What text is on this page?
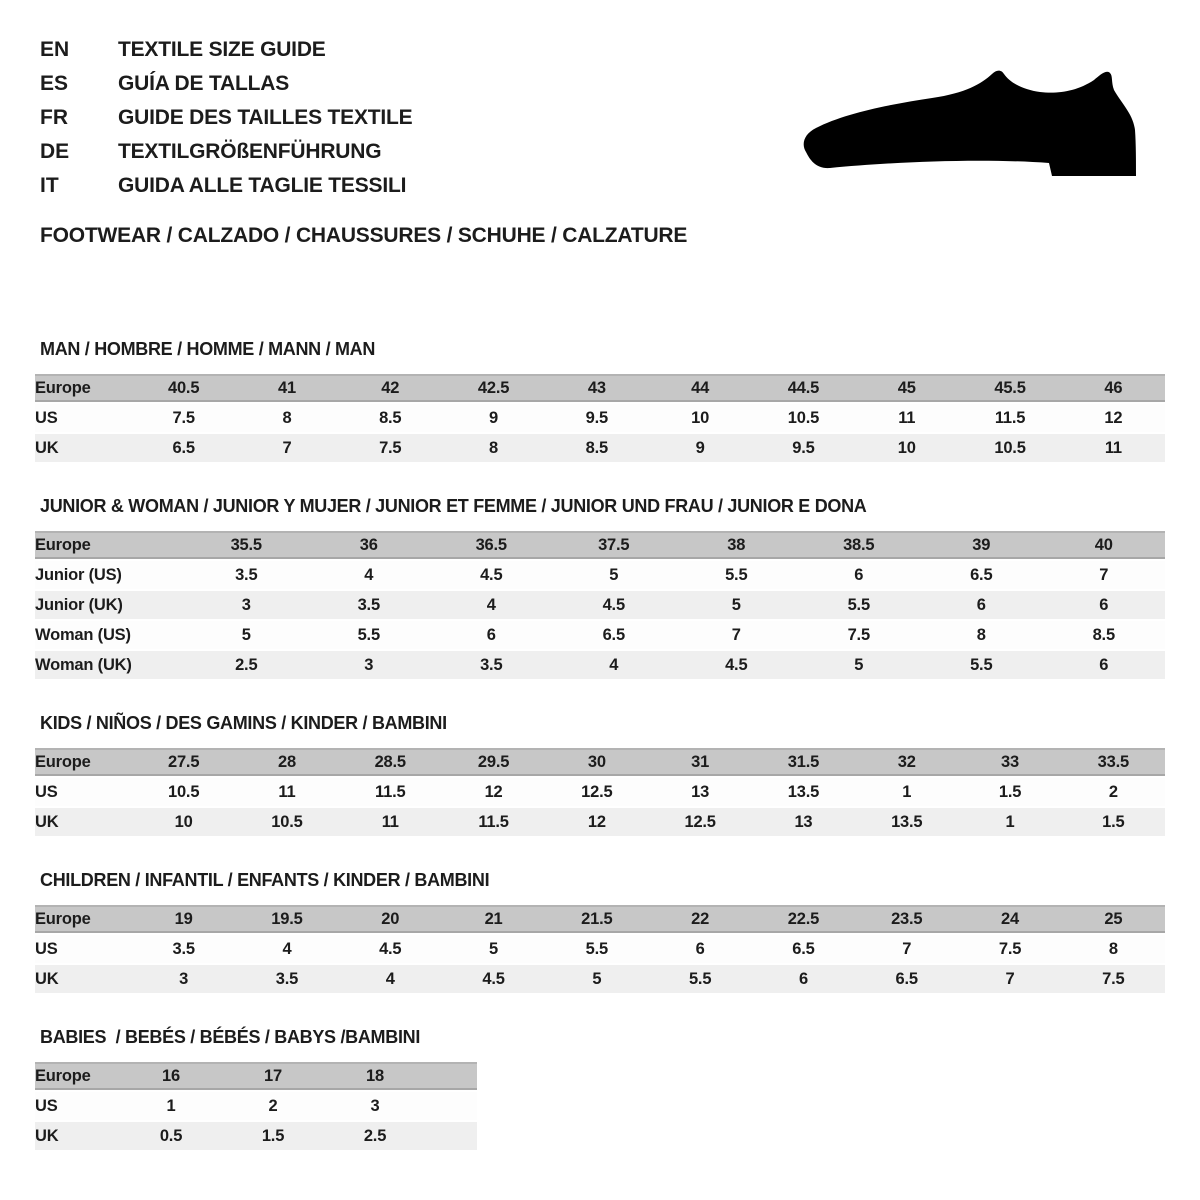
EN	TEXTILE SIZE GUIDE
ES	GUÍA DE TALLAS
FR	GUIDE DES TAILLES TEXTILE
DE	TEXTILGRÖßENFÜHRUNG
IT	GUIDA ALLE TAGLIE TESSILI
FOOTWEAR / CALZADO / CHAUSSURES / SCHUHE / CALZATURE
MAN / HOMBRE / HOMME / MANN / MAN
Europe	40.5	41	42	42.5	43	44	44.5	45	45.5	46
US	7.5	8	8.5	9	9.5	10	10.5	11	11.5	12
UK	6.5	7	7.5	8	8.5	9	9.5	10	10.5	11
JUNIOR & WOMAN / JUNIOR Y MUJER / JUNIOR ET FEMME / JUNIOR UND FRAU / JUNIOR E DONA
Europe	35.5	36	36.5	37.5	38	38.5	39	40
Junior (US)	3.5	4	4.5	5	5.5	6	6.5	7
Junior (UK)	3	3.5	4	4.5	5	5.5	6	6
Woman (US)	5	5.5	6	6.5	7	7.5	8	8.5
Woman (UK)	2.5	3	3.5	4	4.5	5	5.5	6
KIDS / NIÑOS / DES GAMINS / KINDER / BAMBINI
Europe	27.5	28	28.5	29.5	30	31	31.5	32	33	33.5
US	10.5	11	11.5	12	12.5	13	13.5	1	1.5	2
UK	10	10.5	11	11.5	12	12.5	13	13.5	1	1.5
CHILDREN / INFANTIL / ENFANTS / KINDER / BAMBINI
Europe	19	19.5	20	21	21.5	22	22.5	23.5	24	25
US	3.5	4	4.5	5	5.5	6	6.5	7	7.5	8
UK	3	3.5	4	4.5	5	5.5	6	6.5	7	7.5
BABIES  / BEBÉS / BÉBÉS / BABYS /BAMBINI
Europe	16	17	18	
US	1	2	3	
UK	0.5	1.5	2.5	
